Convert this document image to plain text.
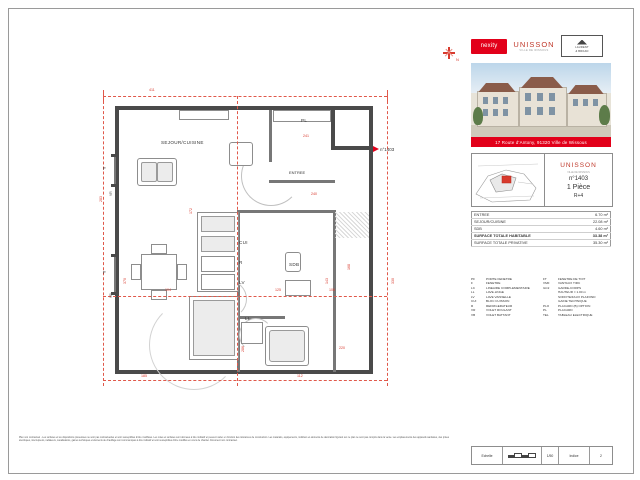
N
n°1403
SEJOUR/CUISINE
SDB
ENTREE
411
241
240
125
104	106
220
185	112
283
370
172
286
143
168
330
PL
F
F
R
CUI
LV
LL
VR
VR
nexity	UNISSON
VILLE DE WISSOUS
LAURENT
& BROAD
17 Route d'Antony, 91320 Ville de Wissous
UNISSON
VILLE DE WISSOUS
n°1403
1 Pièce
R+4
ENTREE	6.70 m²
SEJOUR/CUISINE	22.08 m²
SDB	4.60 m²
SURFACE TOTALE HABITABLE	33.38 m²
SURFACE TOTALE PRIVATIVE	35.30 m²
PF	PORTE FENETRE
F	FENETRE
LC	LINEAIRE COMPLEMENTAIRE
LL	LAVE-LINGE
LV	LAVE VAISSELLE
CUI	BLOC CUISSON
R	REFRIGERATEUR
VR	VOLET ROULANT
VB	VOLET BATTANT
FT	FENETRE DE TOIT
VMF	VANTAUX TIRC
GC2	GARDE-CORPS
HAUTEUR = 1.00 m
SOFFITE/FAUX PLAFOND
GAINE TECHNIQUE
PLO	PLACARD (B) OPTION
PL	PLACARD
TEL	TABLEAU ELECTRIQUE
Echelle	1/50	Indice	2
Plan non contractuel - Les surfaces et les dispositions présentées ne sont pas contractuelles et sont susceptibles d'être modifiées. Les cotes et surfaces sont données à titre indicatif et peuvent varier en fonction des tolérances de construction. Les matériels, équipements, mobiliers et éléments de décoration figurant sur ce plan ne sont pas compris dans la vente. Les emplacements des appareils sanitaires, des prises électriques, interrupteurs, radiateurs, canalisations, gaines techniques et éléments de chauffage sont communiqués à titre indicatif et sont susceptibles d'être modifiés en cours de chantier. Document non contractuel.
